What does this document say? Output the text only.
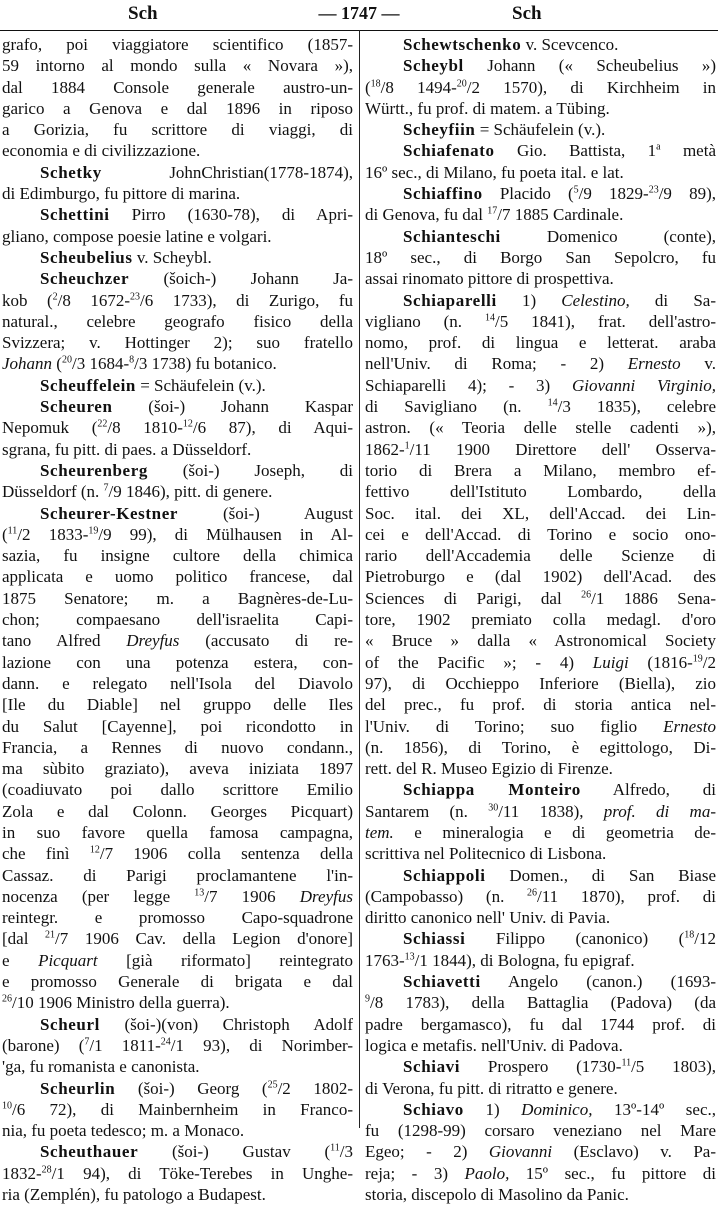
Sch	— 1747 —	Sch
grafo, poi viaggiatore scientifico (1857-
59 intorno al mondo sulla « Novara »),
dal 1884 Console generale austro-un-
garico a Genova e dal 1896 in riposo
a Gorizia, fu scrittore di viaggi, di
economia e di civilizzazione.
Schetky JohnChristian(1778-1874),
di Edimburgo, fu pittore di marina.
Schettini Pirro (1630-78), di Apri-
gliano, compose poesie latine e volgari.
Scheubelius v. Scheybl.
Scheuchzer (šoich-) Johann Ja-
kob ($^2$/8 1672-$^{23}$/6 1733), di Zurigo, fu
natural., celebre geografo fisico della
Svizzera; v. Hottinger 2); suo fratello
Johann ($^{20}$/3 1684-$^8$/3 1738) fu botanico.
Scheuffelein = Schäufelein (v.).
Scheuren (šoi-) Johann Kaspar
Nepomuk ($^{22}$/8 1810-$^{12}$/6 87), di Aqui-
sgrana, fu pitt. di paes. a Düsseldorf.
Scheurenberg (šoi-) Joseph, di
Düsseldorf (n. $^7$/9 1846), pitt. di genere.
Scheurer-Kestner (šoi-) August
($^{11}$/2 1833-$^{19}$/9 99), di Mülhausen in Al-
sazia, fu insigne cultore della chimica
applicata e uomo politico francese, dal
1875 Senatore; m. a Bagnères-de-Lu-
chon; compaesano dell'israelita Capi-
tano Alfred Dreyfus (accusato di re-
lazione con una potenza estera, con-
dann. e relegato nell'Isola del Diavolo
[Ile du Diable] nel gruppo delle Iles
du Salut [Cayenne], poi ricondotto in
Francia, a Rennes di nuovo condann.,
ma sùbito graziato), aveva iniziata 1897
(coadiuvato poi dallo scrittore Emilio
Zola e dal Colonn. Georges Picquart)
in suo favore quella famosa campagna,
che finì $^{12}$/7 1906 colla sentenza della
Cassaz. di Parigi proclamantene l'in-
nocenza (per legge $^{13}$/7 1906 Dreyfus
reintegr. e promosso Capo-squadrone
[dal $^{21}$/7 1906 Cav. della Legion d'onore]
e Picquart [già riformato] reintegrato
e promosso Generale di brigata e dal
$^{26}$/10 1906 Ministro della guerra).
Scheurl (šoi-)(von) Christoph Adolf
(barone) ($^7$/1 1811-$^{24}$/1 93), di Norimber-
'ga, fu romanista e canonista.
Scheurlin (šoi-) Georg ($^{25}$/2 1802-
$^{10}$/6 72), di Mainbernheim in Franco-
nia, fu poeta tedesco; m. a Monaco.
Scheuthauer (šoi-) Gustav ($^{11}$/3
1832-$^{28}$/1 94), di Töke-Terebes in Unghe-
ria (Zemplén), fu patologo a Budapest.
Schewtschenko v. Scevcenco.
Scheybl Johann (« Scheubelius »)
($^{18}$/8 1494-$^{20}$/2 1570), di Kirchheim in
Württ., fu prof. di matem. a Tübing.
Scheyfiin = Schäufelein (v.).
Schiafenato Gio. Battista, 1$^a$ metà
16º sec., di Milano, fu poeta ital. e lat.
Schiaffino Placido ($^5$/9 1829-$^{23}$/9 89),
di Genova, fu dal $^{17}$/7 1885 Cardinale.
Schianteschi Domenico (conte),
18º sec., di Borgo San Sepolcro, fu
assai rinomato pittore di prospettiva.
Schiaparelli 1) Celestino, di Sa-
vigliano (n. $^{14}$/5 1841), frat. dell'astro-
nomo, prof. di lingua e letterat. araba
nell'Univ. di Roma; - 2) Ernesto v.
Schiaparelli 4); - 3) Giovanni Virginio,
di Savigliano (n. $^{14}$/3 1835), celebre
astron. (« Teoria delle stelle cadenti »),
1862-$^1$/11 1900 Direttore dell' Osserva-
torio di Brera a Milano, membro ef-
fettivo dell'Istituto Lombardo, della
Soc. ital. dei XL, dell'Accad. dei Lin-
cei e dell'Accad. di Torino e socio ono-
rario dell'Accademia delle Scienze di
Pietroburgo e (dal 1902) dell'Acad. des
Sciences di Parigi, dal $^{26}$/1 1886 Sena-
tore, 1902 premiato colla medagl. d'oro
« Bruce » dalla « Astronomical Society
of the Pacific »; - 4) Luigi (1816-$^{19}$/2
97), di Occhieppo Inferiore (Biella), zio
del prec., fu prof. di storia antica nel-
l'Univ. di Torino; suo figlio Ernesto
(n. 1856), di Torino, è egittologo, Di-
rett. del R. Museo Egizio di Firenze.
Schiappa Monteiro Alfredo, di
Santarem (n. $^{30}$/11 1838), prof. di ma-
tem. e mineralogia e di geometria de-
scrittiva nel Politecnico di Lisbona.
Schiappoli Domen., di San Biase
(Campobasso) (n. $^{26}$/11 1870), prof. di
diritto canonico nell' Univ. di Pavia.
Schiassi Filippo (canonico) ($^{18}$/12
1763-$^{13}$/1 1844), di Bologna, fu epigraf.
Schiavetti Angelo (canon.) (1693-
$^9$/8 1783), della Battaglia (Padova) (da
padre bergamasco), fu dal 1744 prof. di
logica e metafis. nell'Univ. di Padova.
Schiavi Prospero (1730-$^{11}$/5 1803),
di Verona, fu pitt. di ritratto e genere.
Schiavo 1) Dominico, 13º-14º sec.,
fu (1298-99) corsaro veneziano nel Mare
Egeo; - 2) Giovanni (Esclavo) v. Pa-
reja; - 3) Paolo, 15º sec., fu pittore di
storia, discepolo di Masolino da Panic.
